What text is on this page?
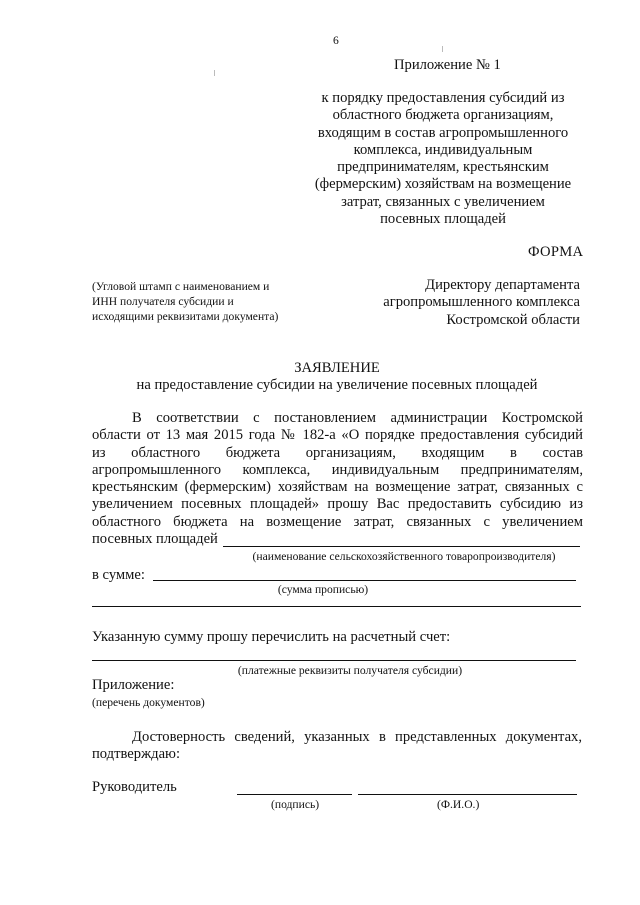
6
Приложение № 1
к порядку предоставления субсидий из
областного бюджета организациям,
входящим в состав агропромышленного
комплекса, индивидуальным
предпринимателям, крестьянским
(фермерским) хозяйствам на возмещение
затрат, связанных с увеличением
посевных площадей
ФОРМА
(Угловой штамп с наименованием и
ИНН получателя субсидии и
исходящими реквизитами документа)
Директору департамента
агропромышленного комплекса
Костромской области
ЗАЯВЛЕНИЕ
на предоставление субсидии на увеличение посевных площадей
В соответствии с постановлением администрации Костромской
области от 13 мая 2015 года № 182-а «О порядке предоставления субсидий
из областного бюджета организациям, входящим в состав
агропромышленного комплекса, индивидуальным предпринимателям,
крестьянским (фермерским) хозяйствам на возмещение затрат, связанных с
увеличением посевных площадей» прошу Вас предоставить субсидию из
областного бюджета на возмещение затрат, связанных с увеличением
посевных площадей
(наименование сельскохозяйственного товаропроизводителя)
в сумме:
(сумма прописью)
Указанную сумму прошу перечислить на расчетный счет:
(платежные реквизиты получателя субсидии)
Приложение:
(перечень документов)
Достоверность сведений, указанных в представленных документах,
подтверждаю:
Руководитель
(подпись)	(Ф.И.О.)
